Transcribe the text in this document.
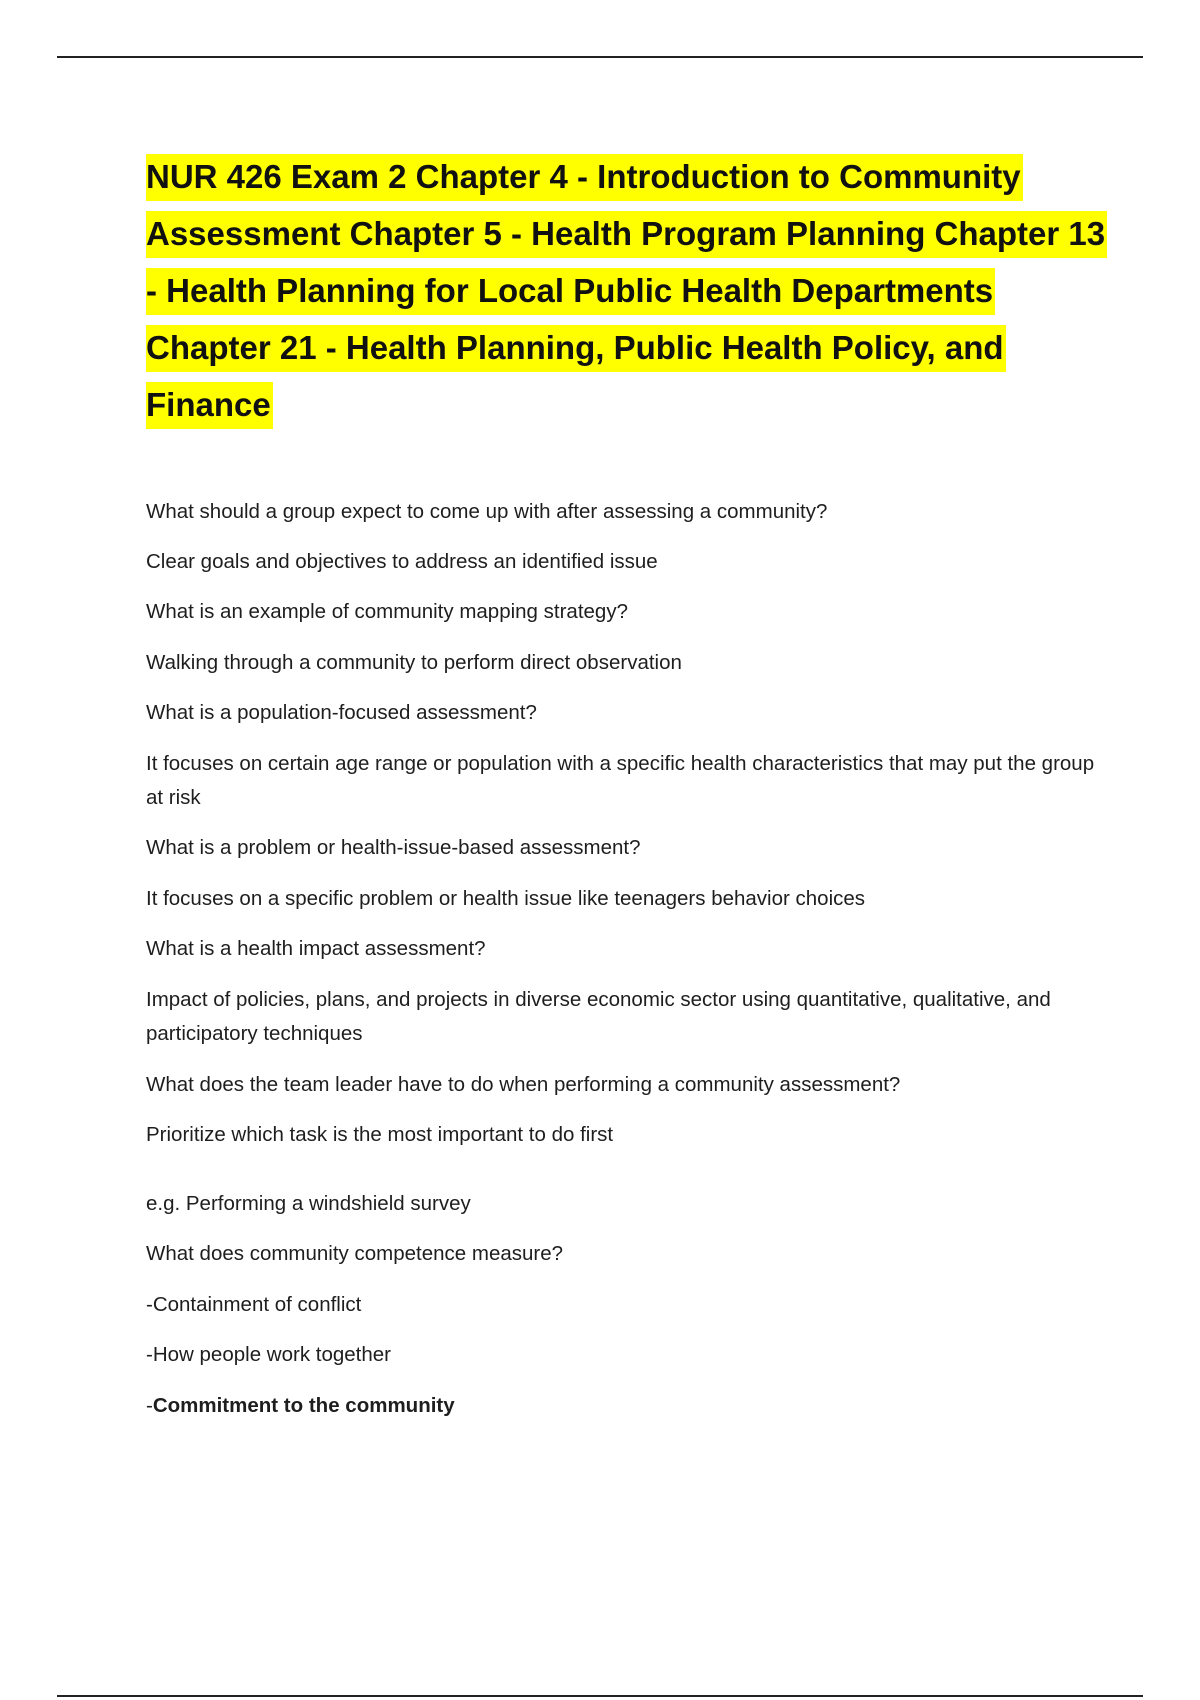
NUR 426 Exam 2 Chapter 4 - Introduction to Community Assessment Chapter 5 - Health Program Planning Chapter 13 - Health Planning for Local Public Health Departments Chapter 21 - Health Planning, Public Health Policy, and Finance

What should a group expect to come up with after assessing a community?

Clear goals and objectives to address an identified issue

What is an example of community mapping strategy?

Walking through a community to perform direct observation

What is a population-focused assessment?

It focuses on certain age range or population with a specific health characteristics that may put the group at risk

What is a problem or health-issue-based assessment?

It focuses on a specific problem or health issue like teenagers behavior choices

What is a health impact assessment?

Impact of policies, plans, and projects in diverse economic sector using quantitative, qualitative, and participatory techniques

What does the team leader have to do when performing a community assessment?

Prioritize which task is the most important to do first

e.g. Performing a windshield survey

What does community competence measure?

-Containment of conflict

-How people work together

-Commitment to the community
